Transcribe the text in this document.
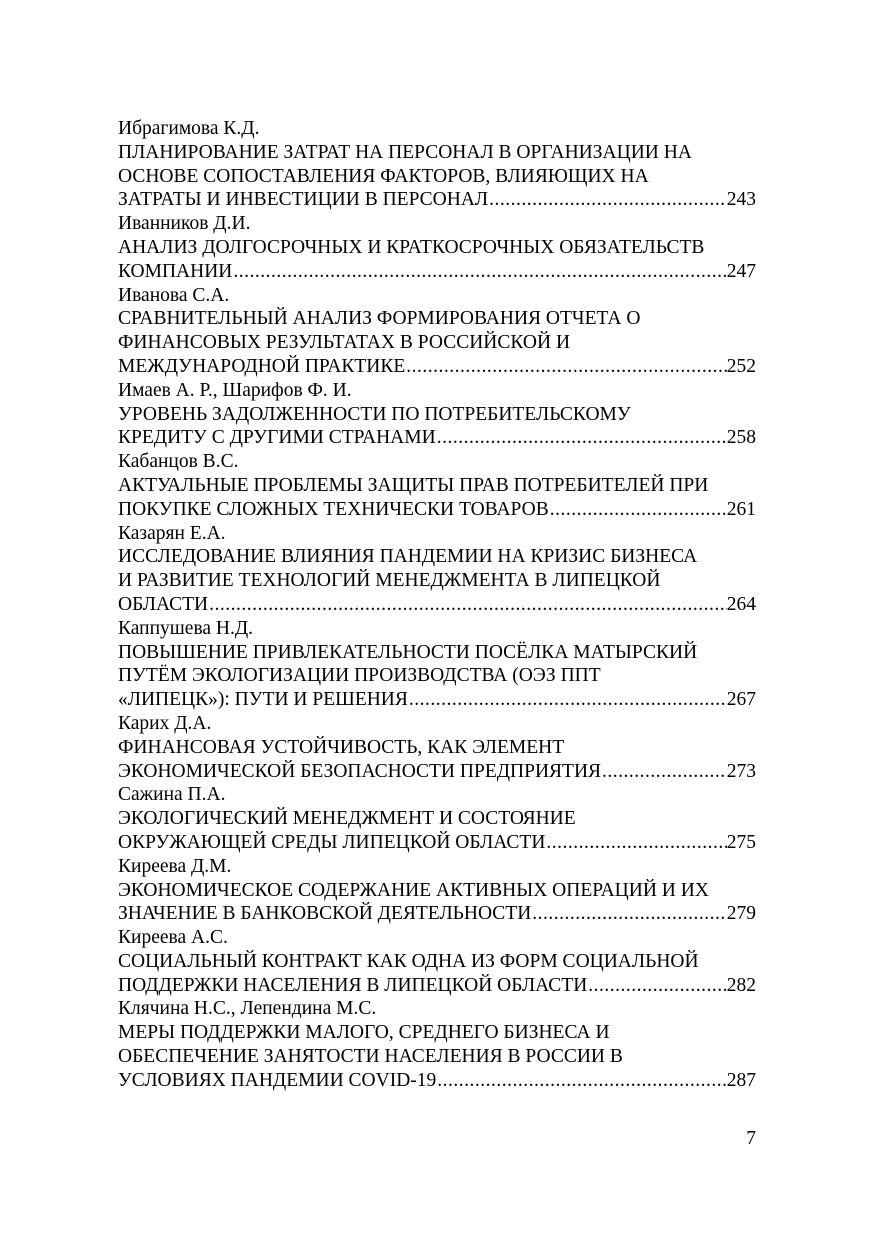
Ибрагимова К.Д.
ПЛАНИРОВАНИЕ ЗАТРАТ НА ПЕРСОНАЛ В ОРГАНИЗАЦИИ НА
ОСНОВЕ СОПОСТАВЛЕНИЯ ФАКТОРОВ, ВЛИЯЮЩИХ НА
ЗАТРАТЫ И ИНВЕСТИЦИИ В ПЕРСОНАЛ .....	243
Иванников Д.И.
АНАЛИЗ ДОЛГОСРОЧНЫХ И КРАТКОСРОЧНЫХ ОБЯЗАТЕЛЬСТВ
КОМПАНИИ .....	247
Иванова С.А.
СРАВНИТЕЛЬНЫЙ АНАЛИЗ ФОРМИРОВАНИЯ ОТЧЕТА О
ФИНАНСОВЫХ РЕЗУЛЬТАТАХ В РОССИЙСКОЙ И
МЕЖДУНАРОДНОЙ ПРАКТИКЕ .....	252
Имаев А. Р., Шарифов Ф. И.
УРОВЕНЬ ЗАДОЛЖЕННОСТИ ПО ПОТРЕБИТЕЛЬСКОМУ
КРЕДИТУ С ДРУГИМИ СТРАНАМИ .....	258
Кабанцов В.С.
АКТУАЛЬНЫЕ ПРОБЛЕМЫ ЗАЩИТЫ ПРАВ ПОТРЕБИТЕЛЕЙ ПРИ
ПОКУПКЕ СЛОЖНЫХ ТЕХНИЧЕСКИ ТОВАРОВ .....	261
Казарян Е.А.
ИССЛЕДОВАНИЕ ВЛИЯНИЯ ПАНДЕМИИ НА КРИЗИС БИЗНЕСА
И РАЗВИТИЕ ТЕХНОЛОГИЙ МЕНЕДЖМЕНТА В ЛИПЕЦКОЙ
ОБЛАСТИ .....	264
Каппушева Н.Д.
ПОВЫШЕНИЕ ПРИВЛЕКАТЕЛЬНОСТИ ПОСЁЛКА МАТЫРСКИЙ
ПУТЁМ ЭКОЛОГИЗАЦИИ ПРОИЗВОДСТВА (ОЭЗ ППТ
«ЛИПЕЦК»): ПУТИ И РЕШЕНИЯ .....	267
Карих Д.А.
ФИНАНСОВАЯ УСТОЙЧИВОСТЬ, КАК ЭЛЕМЕНТ
ЭКОНОМИЧЕСКОЙ БЕЗОПАСНОСТИ ПРЕДПРИЯТИЯ .....	273
Сажина П.А.
ЭКОЛОГИЧЕСКИЙ МЕНЕДЖМЕНТ И СОСТОЯНИЕ
ОКРУЖАЮЩЕЙ СРЕДЫ ЛИПЕЦКОЙ ОБЛАСТИ .....	275
Киреева Д.М.
ЭКОНОМИЧЕСКОЕ СОДЕРЖАНИЕ АКТИВНЫХ ОПЕРАЦИЙ И ИХ
ЗНАЧЕНИЕ В БАНКОВСКОЙ ДЕЯТЕЛЬНОСТИ .....	279
Киреева А.С.
СОЦИАЛЬНЫЙ КОНТРАКТ КАК ОДНА ИЗ ФОРМ СОЦИАЛЬНОЙ
ПОДДЕРЖКИ НАСЕЛЕНИЯ В ЛИПЕЦКОЙ ОБЛАСТИ .....	282
Клячина Н.С., Лепендина М.С.
МЕРЫ ПОДДЕРЖКИ МАЛОГО, СРЕДНЕГО БИЗНЕСА И
ОБЕСПЕЧЕНИЕ ЗАНЯТОСТИ НАСЕЛЕНИЯ В РОССИИ В
УСЛОВИЯХ ПАНДЕМИИ COVID-19 .....	287
7
